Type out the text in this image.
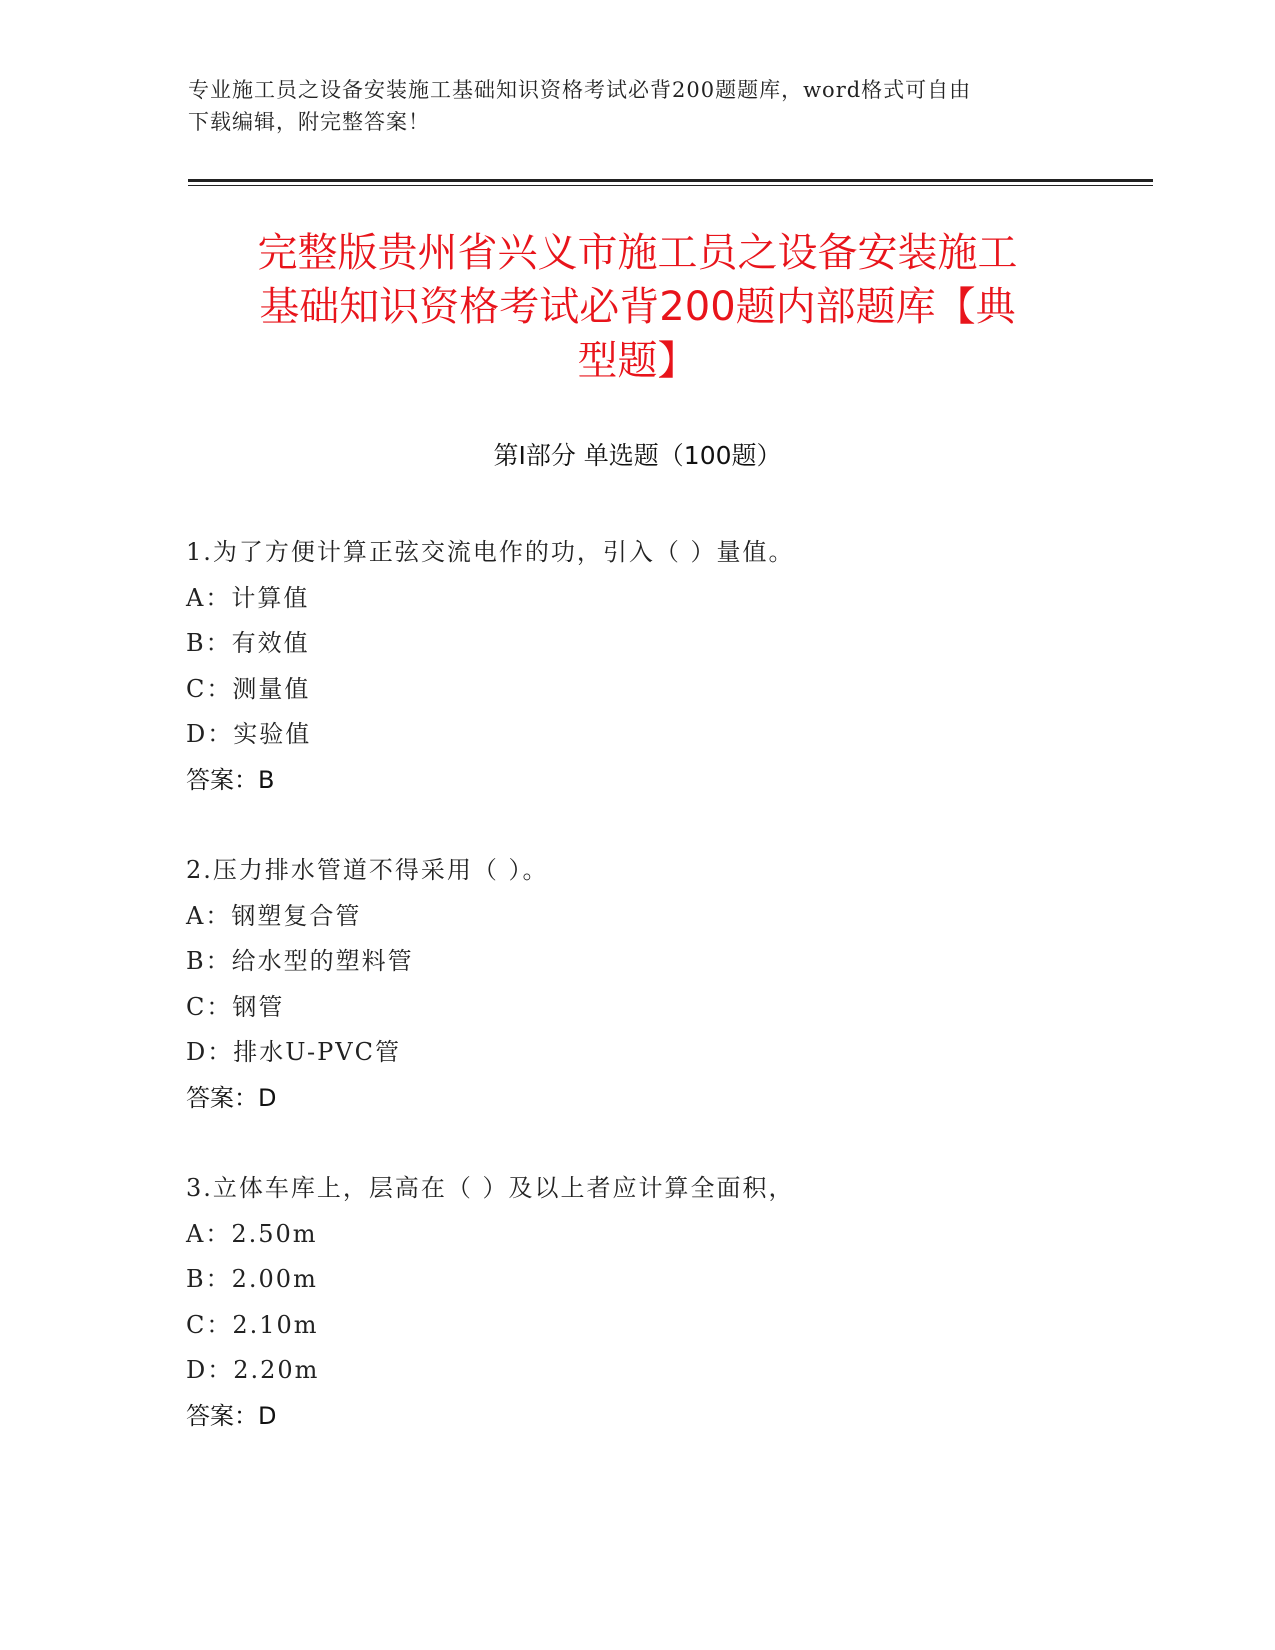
专业施工员之设备安装施工基础知识资格考试必背200题题库，word格式可自由
下载编辑，附完整答案！
完整版贵州省兴义市施工员之设备安装施工
基础知识资格考试必背200题内部题库【典
型题】
第Ⅰ部分 单选题（100题）
1.为了方便计算正弦交流电作的功，引入（ ）量值。
A：计算值
B：有效值
C：测量值
D：实验值
答案：B
2.压力排水管道不得采用（ ）。
A：钢塑复合管
B：给水型的塑料管
C：钢管
D：排水U-PVC管
答案：D
3.立体车库上，层高在（ ）及以上者应计算全面积，
A：2.50m
B：2.00m
C：2.10m
D：2.20m
答案：D
